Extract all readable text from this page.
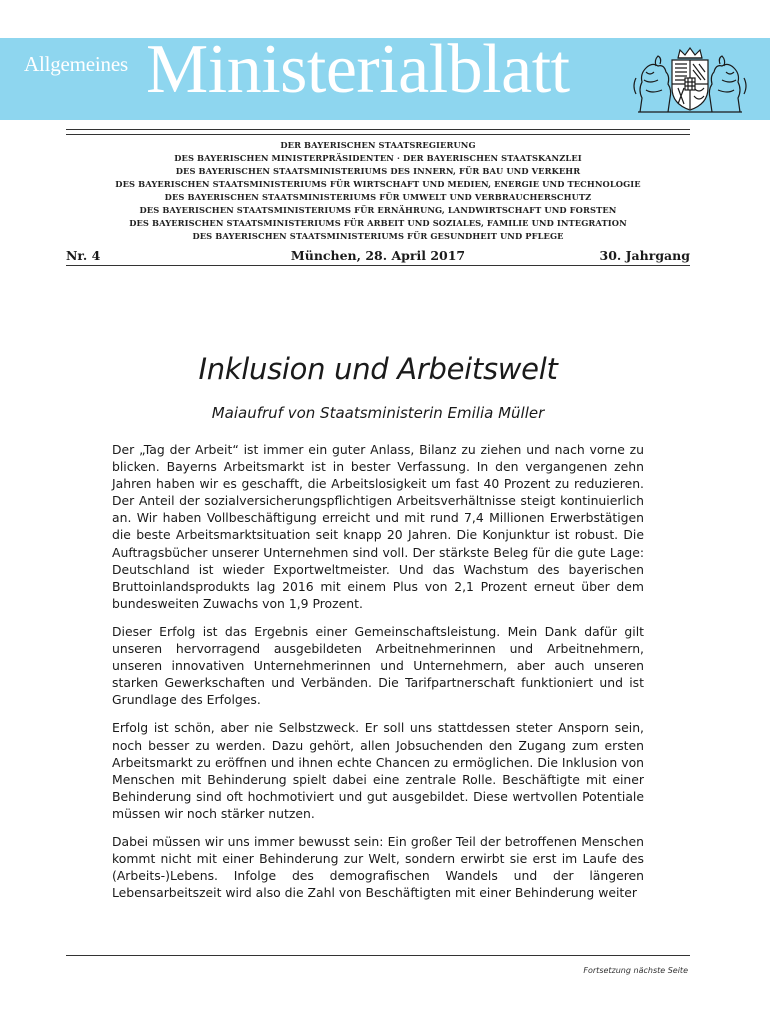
Allgemeines Ministerialblatt
DER BAYERISCHEN STAATSREGIERUNG
DES BAYERISCHEN MINISTERPRÄSIDENTEN · DER BAYERISCHEN STAATSKANZLEI
DES BAYERISCHEN STAATSMINISTERIUMS DES INNERN, FÜR BAU UND VERKEHR
DES BAYERISCHEN STAATSMINISTERIUMS FÜR WIRTSCHAFT UND MEDIEN, ENERGIE UND TECHNOLOGIE
DES BAYERISCHEN STAATSMINISTERIUMS FÜR UMWELT UND VERBRAUCHERSCHUTZ
DES BAYERISCHEN STAATSMINISTERIUMS FÜR ERNÄHRUNG, LANDWIRTSCHAFT UND FORSTEN
DES BAYERISCHEN STAATSMINISTERIUMS FÜR ARBEIT UND SOZIALES, FAMILIE UND INTEGRATION
DES BAYERISCHEN STAATSMINISTERIUMS FÜR GESUNDHEIT UND PFLEGE
Nr. 4	München, 28. April 2017	30. Jahrgang
Inklusion und Arbeitswelt
Maiaufruf von Staatsministerin Emilia Müller

Der „Tag der Arbeit“ ist immer ein guter Anlass, Bilanz zu ziehen und nach vorne zu blicken. Bayerns Arbeitsmarkt ist in bester Verfassung. In den vergangenen zehn Jahren haben wir es geschafft, die Arbeitslosigkeit um fast 40 Prozent zu reduzieren. Der Anteil der sozialversicherungspflichtigen Arbeitsverhältnisse steigt kontinuierlich an. Wir haben Vollbeschäftigung erreicht und mit rund 7,4 Millionen Erwerbstätigen die beste Arbeitsmarktsituation seit knapp 20 Jahren. Die Konjunktur ist robust. Die Auftragsbücher unserer Unternehmen sind voll. Der stärkste Beleg für die gute Lage: Deutschland ist wieder Exportweltmeister. Und das Wachstum des bayerischen Bruttoinlandsprodukts lag 2016 mit einem Plus von 2,1 Prozent erneut über dem bundesweiten Zuwachs von 1,9 Prozent.

Dieser Erfolg ist das Ergebnis einer Gemeinschaftsleistung. Mein Dank dafür gilt unseren hervorragend ausgebildeten Arbeitnehmerinnen und Arbeitnehmern, unseren innovativen Unternehmerinnen und Unternehmern, aber auch unseren starken Gewerkschaften und Verbänden. Die Tarifpartnerschaft funktioniert und ist Grundlage des Erfolges.

Erfolg ist schön, aber nie Selbstzweck. Er soll uns stattdessen steter Ansporn sein, noch besser zu werden. Dazu gehört, allen Jobsuchenden den Zugang zum ersten Arbeitsmarkt zu eröffnen und ihnen echte Chancen zu ermöglichen. Die Inklusion von Menschen mit Behinderung spielt dabei eine zentrale Rolle. Beschäftigte mit einer Behinderung sind oft hochmotiviert und gut ausgebildet. Diese wertvollen Potentiale müssen wir noch stärker nutzen.

Dabei müssen wir uns immer bewusst sein: Ein großer Teil der betroffenen Menschen kommt nicht mit einer Behinderung zur Welt, sondern erwirbt sie erst im Laufe des (Arbeits-)Lebens. Infolge des demografischen Wandels und der längeren Lebensarbeitszeit wird also die Zahl von Beschäftigten mit einer Behinderung weiter

Fortsetzung nächste Seite
